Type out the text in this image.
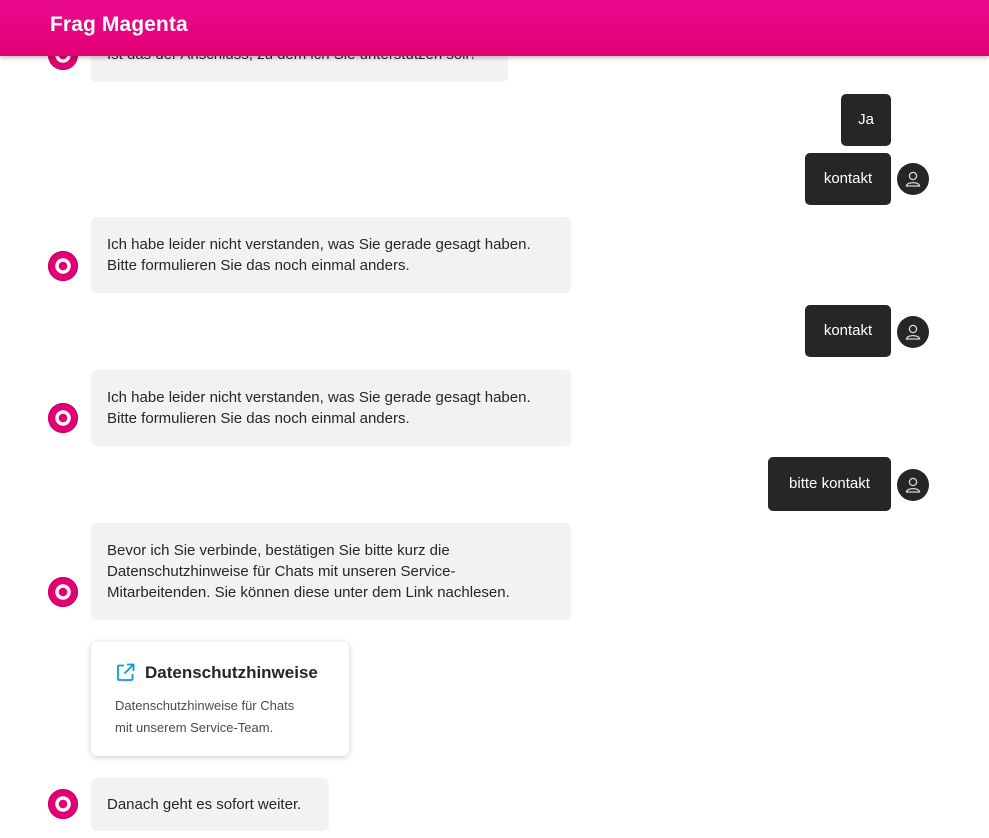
Frag Magenta
Ja
kontakt
Ich habe leider nicht verstanden, was Sie gerade gesagt haben.
Bitte formulieren Sie das noch einmal anders.
kontakt
Ich habe leider nicht verstanden, was Sie gerade gesagt haben.
Bitte formulieren Sie das noch einmal anders.
bitte kontakt
Bevor ich Sie verbinde, bestätigen Sie bitte kurz die
Datenschutzhinweise für Chats mit unseren Service-
Mitarbeitenden. Sie können diese unter dem Link nachlesen.
Datenschutzhinweise
Datenschutzhinweise für Chats
mit unserem Service-Team.
Danach geht es sofort weiter.
